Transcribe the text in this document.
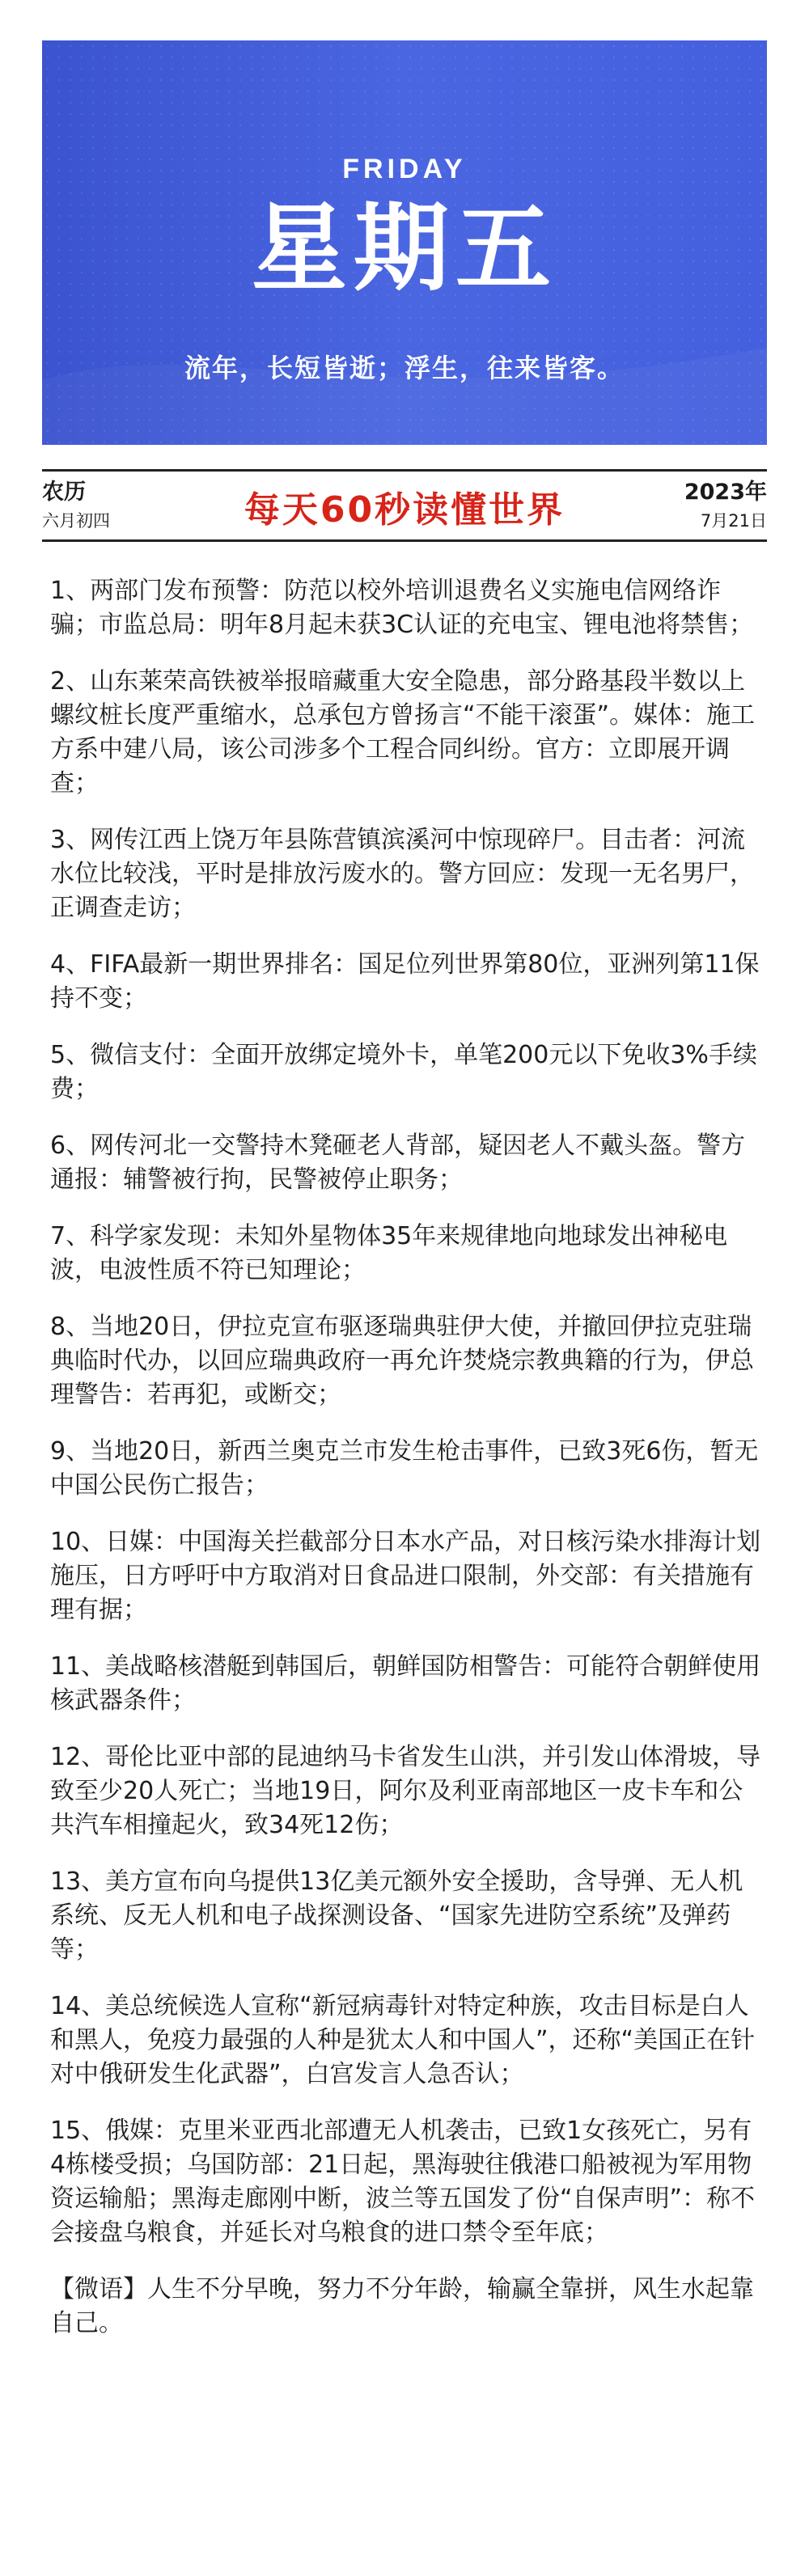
FRIDAY
星期五
流年，长短皆逝；浮生，往来皆客。
农历
六月初四	每天60秒读懂世界	2023年
7月21日

1、两部门发布预警：防范以校外培训退费名义实施电信网络诈骗；市监总局：明年8月起未获3C认证的充电宝、锂电池将禁售；

2、山东莱荣高铁被举报暗藏重大安全隐患，部分路基段半数以上螺纹桩长度严重缩水，总承包方曾扬言“不能干滚蛋”。媒体：施工方系中建八局，该公司涉多个工程合同纠纷。官方：立即展开调查；

3、网传江西上饶万年县陈营镇滨溪河中惊现碎尸。目击者：河流水位比较浅，平时是排放污废水的。警方回应：发现一无名男尸，正调查走访；

4、FIFA最新一期世界排名：国足位列世界第80位，亚洲列第11保持不变；

5、微信支付：全面开放绑定境外卡，单笔200元以下免收3%手续费；

6、网传河北一交警持木凳砸老人背部，疑因老人不戴头盔。警方通报：辅警被行拘，民警被停止职务；

7、科学家发现：未知外星物体35年来规律地向地球发出神秘电波，电波性质不符已知理论；

8、当地20日，伊拉克宣布驱逐瑞典驻伊大使，并撤回伊拉克驻瑞典临时代办，以回应瑞典政府一再允许焚烧宗教典籍的行为，伊总理警告：若再犯，或断交；

9、当地20日，新西兰奥克兰市发生枪击事件，已致3死6伤，暂无中国公民伤亡报告；

10、日媒：中国海关拦截部分日本水产品，对日核污染水排海计划施压，日方呼吁中方取消对日食品进口限制，外交部：有关措施有理有据；

11、美战略核潜艇到韩国后，朝鲜国防相警告：可能符合朝鲜使用核武器条件；

12、哥伦比亚中部的昆迪纳马卡省发生山洪，并引发山体滑坡，导致至少20人死亡；当地19日，阿尔及利亚南部地区一皮卡车和公共汽车相撞起火，致34死12伤；

13、美方宣布向乌提供13亿美元额外安全援助，含导弹、无人机系统、反无人机和电子战探测设备、“国家先进防空系统”及弹药等；

14、美总统候选人宣称“新冠病毒针对特定种族，攻击目标是白人和黑人，免疫力最强的人种是犹太人和中国人”，还称“美国正在针对中俄研发生化武器”，白宫发言人急否认；

15、俄媒：克里米亚西北部遭无人机袭击，已致1女孩死亡，另有4栋楼受损；乌国防部：21日起，黑海驶往俄港口船被视为军用物资运输船；黑海走廊刚中断，波兰等五国发了份“自保声明”：称不会接盘乌粮食，并延长对乌粮食的进口禁令至年底；

【微语】人生不分早晚，努力不分年龄，输赢全靠拼，风生水起靠自己。
